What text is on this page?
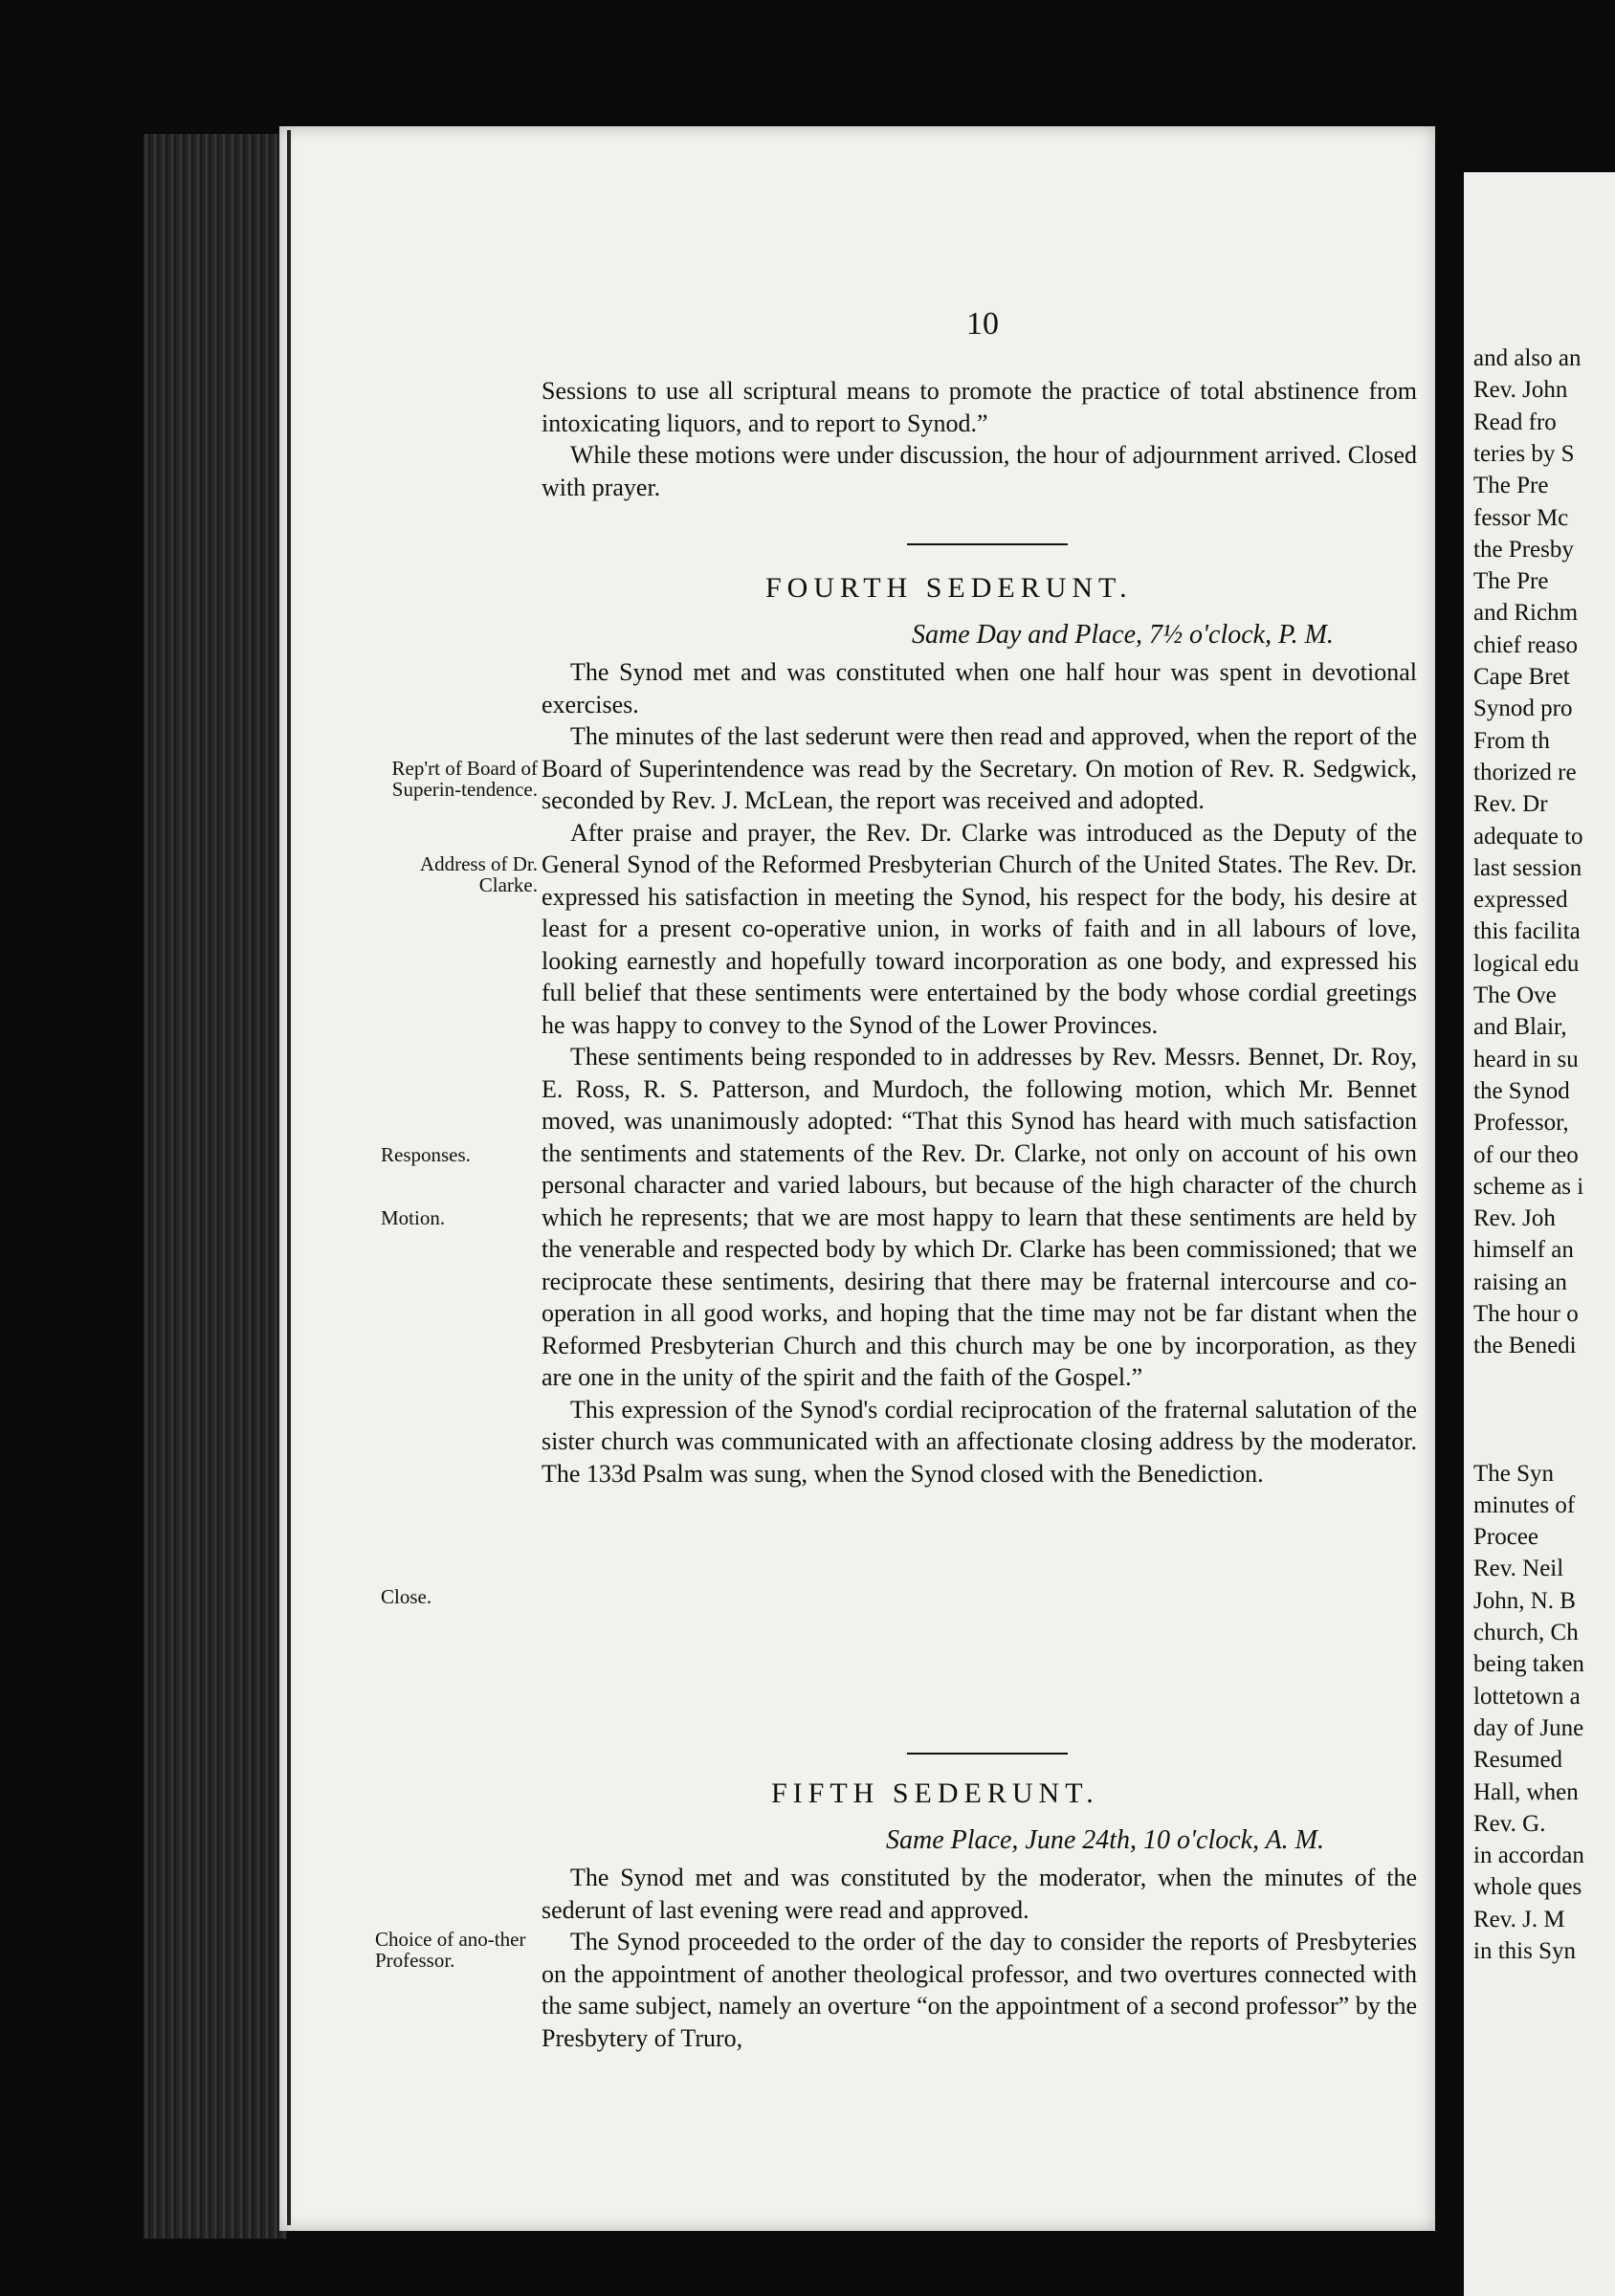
10

Sessions to use all scriptural means to promote the practice of total abstinence from intoxicating liquors, and to report to Synod.”

While these motions were under discussion, the hour of adjournment arrived. Closed with prayer.

FOURTH SEDERUNT.
Same Day and Place, 7½ o'clock, P. M.

The Synod met and was constituted when one half hour was spent in devotional exercises.

The minutes of the last sederunt were then read and approved, when the report of the Board of Superintendence was read by the Secretary. On motion of Rev. R. Sedgwick, seconded by Rev. J. McLean, the report was received and adopted.

After praise and prayer, the Rev. Dr. Clarke was introduced as the Deputy of the General Synod of the Reformed Presbyterian Church of the United States. The Rev. Dr. expressed his satisfaction in meeting the Synod, his respect for the body, his desire at least for a present co-operative union, in works of faith and in all labours of love, looking earnestly and hopefully toward incorporation as one body, and expressed his full belief that these sentiments were entertained by the body whose cordial greetings he was happy to convey to the Synod of the Lower Provinces.

These sentiments being responded to in addresses by Rev. Messrs. Bennet, Dr. Roy, E. Ross, R. S. Patterson, and Murdoch, the following motion, which Mr. Bennet moved, was unanimously adopted: “That this Synod has heard with much satisfaction the sentiments and statements of the Rev. Dr. Clarke, not only on account of his own personal character and varied labours, but because of the high character of the church which he represents; that we are most happy to learn that these sentiments are held by the venerable and respected body by which Dr. Clarke has been commissioned; that we reciprocate these sentiments, desiring that there may be fraternal intercourse and co-operation in all good works, and hoping that the time may not be far distant when the Reformed Presbyterian Church and this church may be one by incorporation, as they are one in the unity of the spirit and the faith of the Gospel.”

This expression of the Synod's cordial reciprocation of the fraternal salutation of the sister church was communicated with an affectionate closing address by the moderator. The 133d Psalm was sung, when the Synod closed with the Benediction.

FIFTH SEDERUNT.
Same Place, June 24th, 10 o'clock, A. M.

The Synod met and was constituted by the moderator, when the minutes of the sederunt of last evening were read and approved.

The Synod proceeded to the order of the day to consider the reports of Presbyteries on the appointment of another theological professor, and two overtures connected with the same subject, namely an overture “on the appointment of a second professor” by the Presbytery of Truro,

Rep'rt of Board of Superin-tendence.
Address of Dr. Clarke.
Responses.
Motion.
Close.
Choice of ano-ther Professor.
and also an
Rev. John
Read fro
teries by S
The Pre
fessor Mc
the Presby
The Pre
and Richm
chief reaso
Cape Bret
Synod pro
From th
thorized re
Rev. Dr
adequate to
last session
expressed
this facilita
logical edu
The Ove
and Blair,
heard in su
the Synod
Professor,
of our theo
scheme as i
Rev. Joh
himself an
raising an
The hour o
the Benedi
The Syn
minutes of
Procee
Rev. Neil
John, N. B
church, Ch
being taken
lottetown a
day of June
Resumed
Hall, when
Rev. G.
in accordan
whole ques
Rev. J. M
in this Syn
